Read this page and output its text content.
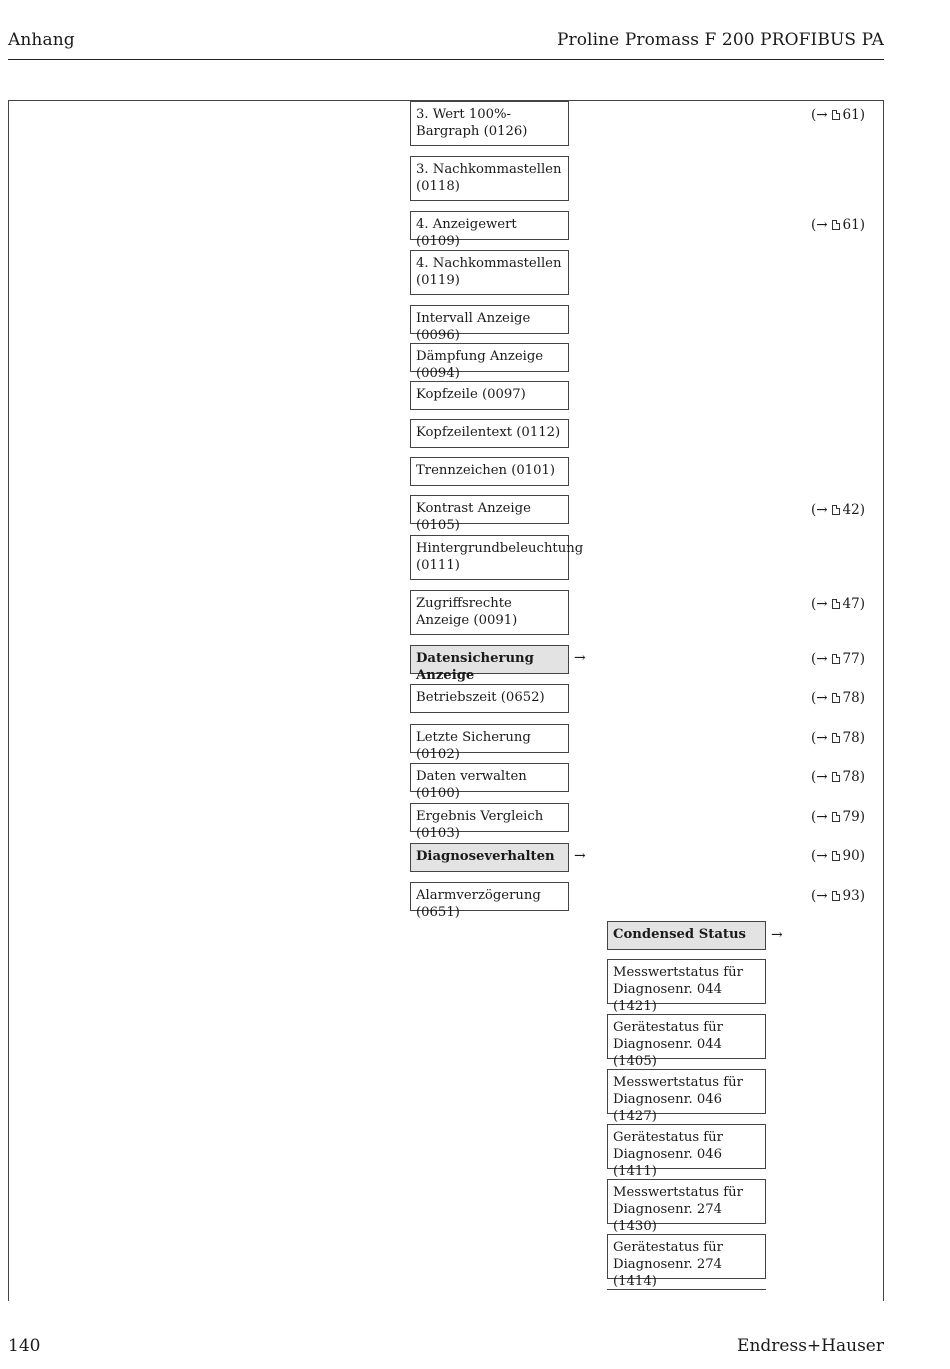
Anhang	Proline Promass F 200 PROFIBUS PA
3. Wert 100%-Bargraph (0126)
3. Nachkommastellen (0118)
4. Anzeigewert (0109)
4. Nachkommastellen (0119)
Intervall Anzeige (0096)
Dämpfung Anzeige (0094)
Kopfzeile (0097)
Kopfzeilentext (0112)
Trennzeichen (0101)
Kontrast Anzeige (0105)
Hintergrundbeleuchtung (0111)
Zugriffsrechte Anzeige (0091)
Datensicherung Anzeige
Betriebszeit (0652)
Letzte Sicherung (0102)
Daten verwalten (0100)
Ergebnis Vergleich (0103)
Diagnoseverhalten
Alarmverzögerung (0651)
→
→
→
(→ 61)
(→ 61)
(→ 42)
(→ 47)
(→ 77)
(→ 78)
(→ 78)
(→ 78)
(→ 79)
(→ 90)
(→ 93)
Condensed Status
Messwertstatus für Diagnosenr. 044 (1421)
Gerätestatus für Diagnosenr. 044 (1405)
Messwertstatus für Diagnosenr. 046 (1427)
Gerätestatus für Diagnosenr. 046 (1411)
Messwertstatus für Diagnosenr. 274 (1430)
Gerätestatus für Diagnosenr. 274 (1414)
140	Endress+Hauser
